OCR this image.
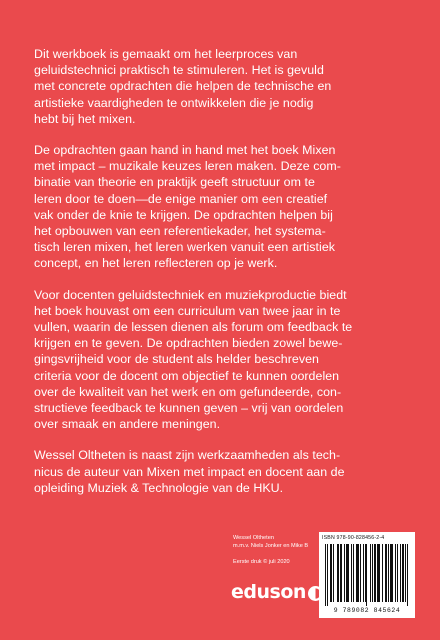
Dit werkboek is gemaakt om het leerproces van
geluidstechnici praktisch te stimuleren. Het is gevuld
met concrete opdrachten die helpen de technische en
artistieke vaardigheden te ontwikkelen die je nodig
hebt bij het mixen.

De opdrachten gaan hand in hand met het boek Mixen
met impact – muzikale keuzes leren maken. Deze com-
binatie van theorie en praktijk geeft structuur om te
leren door te doen—de enige manier om een creatief
vak onder de knie te krijgen. De opdrachten helpen bij
het opbouwen van een referentiekader, het systema-
tisch leren mixen, het leren werken vanuit een artistiek
concept, en het leren reflecteren op je werk.

Voor docenten geluidstechniek en muziekproductie biedt
het boek houvast om een curriculum van twee jaar in te
vullen, waarin de lessen dienen als forum om feedback te
krijgen en te geven. De opdrachten bieden zowel bewe-
gingsvrijheid voor de student als helder beschreven
criteria voor de docent om objectief te kunnen oordelen
over de kwaliteit van het werk en om gefundeerde, con-
structieve feedback te kunnen geven – vrij van oordelen
over smaak en andere meningen.

Wessel Oltheten is naast zijn werkzaamheden als tech-
nicus de auteur van Mixen met impact en docent aan de
opleiding Muziek & Technologie van de HKU.

Wessel Oltheten
m.m.v. Niels Jonker en Mike B
Eerste druk © juli 2020
eduson
ISBN 978-90-828456-2-4
9 789082 845624
